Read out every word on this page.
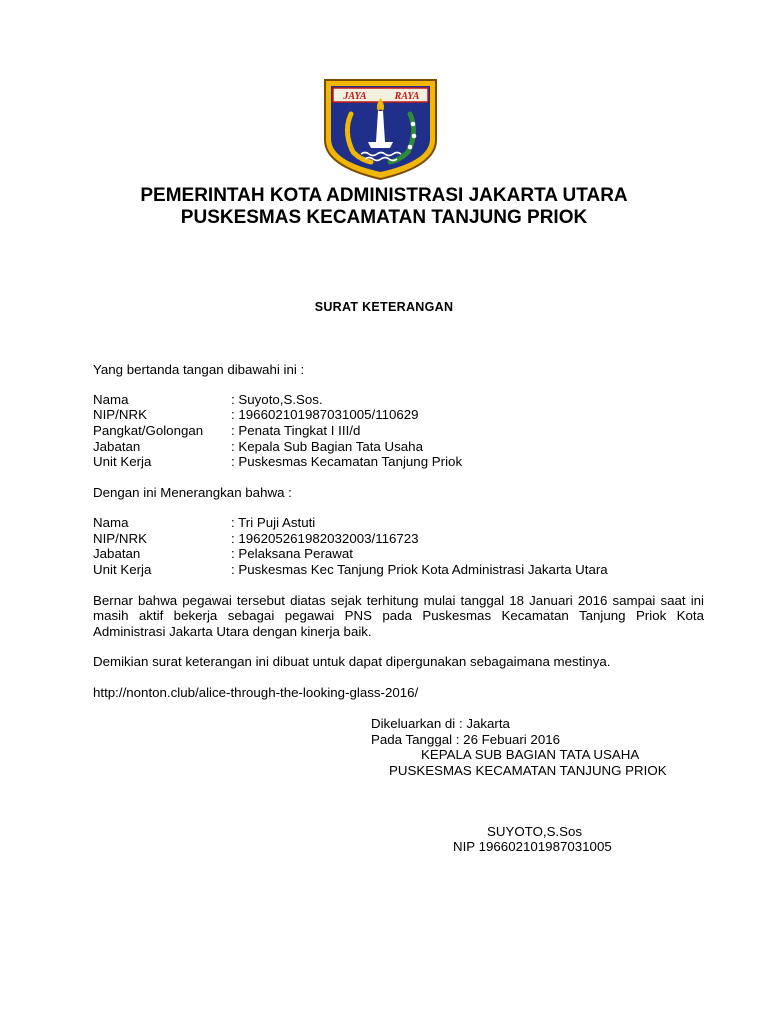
JAYA	RAYA
PEMERINTAH KOTA ADMINISTRASI JAKARTA UTARA
PUSKESMAS KECAMATAN TANJUNG PRIOK
SURAT KETERANGAN
Yang bertanda tangan dibawahi ini :
Nama	: Suyoto,S.Sos.
NIP/NRK	: 196602101987031005/110629
Pangkat/Golongan : Penata Tingkat I III/d
Jabatan	: Kepala Sub Bagian Tata Usaha
Unit Kerja	: Puskesmas Kecamatan Tanjung Priok
Dengan ini Menerangkan bahwa :
Nama	: Tri Puji Astuti
NIP/NRK	: 196205261982032003/116723
Jabatan	: Pelaksana Perawat
Unit Kerja	: Puskesmas Kec Tanjung Priok Kota Administrasi Jakarta Utara
Bernar bahwa pegawai tersebut diatas sejak terhitung mulai tanggal 18 Januari 2016 sampai saat ini masih aktif bekerja sebagai pegawai PNS pada Puskesmas Kecamatan Tanjung Priok Kota Administrasi Jakarta Utara dengan kinerja baik.
Demikian surat keterangan ini dibuat untuk dapat dipergunakan sebagaimana mestinya.
http://nonton.club/alice-through-the-looking-glass-2016/
Dikeluarkan di : Jakarta
Pada Tanggal : 26 Febuari 2016
KEPALA SUB BAGIAN TATA USAHA
PUSKESMAS KECAMATAN TANJUNG PRIOK
SUYOTO,S.Sos
NIP 196602101987031005
